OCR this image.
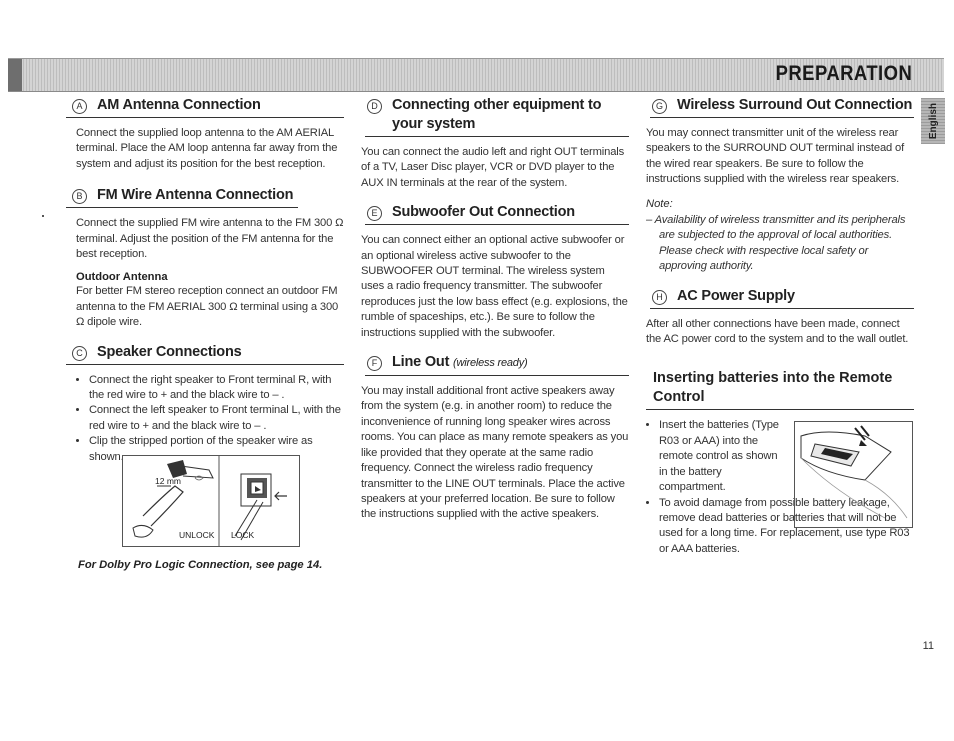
PREPARATION
English
A	AM Antenna Connection

Connect the supplied loop antenna to the AM AERIAL terminal. Place the AM loop antenna far away from the system and adjust its position for the best reception.

B	FM Wire Antenna Connection

Connect the supplied FM wire antenna to the FM 300 Ω terminal. Adjust the position of the FM antenna for the best reception.

Outdoor Antenna

For better FM stereo reception connect an outdoor FM antenna to the FM AERIAL 300 Ω terminal using a 300 Ω dipole wire.

C Speaker Connections
• Connect the right speaker to Front terminal R, with the red wire to + and the black wire to – .
• Connect the left speaker to Front terminal L, with the red wire to + and the black wire to – .
• Clip the stripped portion of the speaker wire as shown.
12 mm
UNLOCK LOCK
For Dolby Pro Logic Connection, see page 14.
D Connecting other equipment to your system

You can connect the audio left and right OUT terminals of a TV, Laser Disc player, VCR or DVD player to the AUX IN terminals at the rear of the system.

E	Subwoofer Out Connection

You can connect either an optional active subwoofer or an optional wireless active subwoofer to the SUBWOOFER OUT terminal. The wireless system uses a radio frequency transmitter. The subwoofer reproduces just the low bass effect (e.g. explosions, the rumble of spaceships, etc.). Be sure to follow the instructions supplied with the subwoofer.

F	Line Out (wireless ready)

You may install additional front active speakers away from the system (e.g. in another room) to reduce the inconvenience of running long speaker wires across rooms. You can place as many remote speakers as you like provided that they operate at the same radio frequency. Connect the wireless radio frequency transmitter to the LINE OUT terminals. Place the active speakers at your preferred location. Be sure to follow the instructions supplied with the active speakers.

G Wireless Surround Out Connection

You may connect transmitter unit of the wireless rear speakers to the SURROUND OUT terminal instead of the wired rear speakers. Be sure to follow the instructions supplied with the wireless rear speakers.

Note:

– Availability of wireless transmitter and its peripherals are subjected to the approval of local authorities. Please check with respective local safety or approving authority.

H AC Power Supply

After all other connections have been made, connect the AC power cord to the system and to the wall outlet.

Inserting batteries into the Remote Control
• Insert the batteries (Type R03 or AAA) into the remote control as shown in the battery compartment.
• To avoid damage from possible battery leakage, remove dead batteries or batteries that will not be used for a long time. For replacement, use type R03 or AAA batteries.
11
